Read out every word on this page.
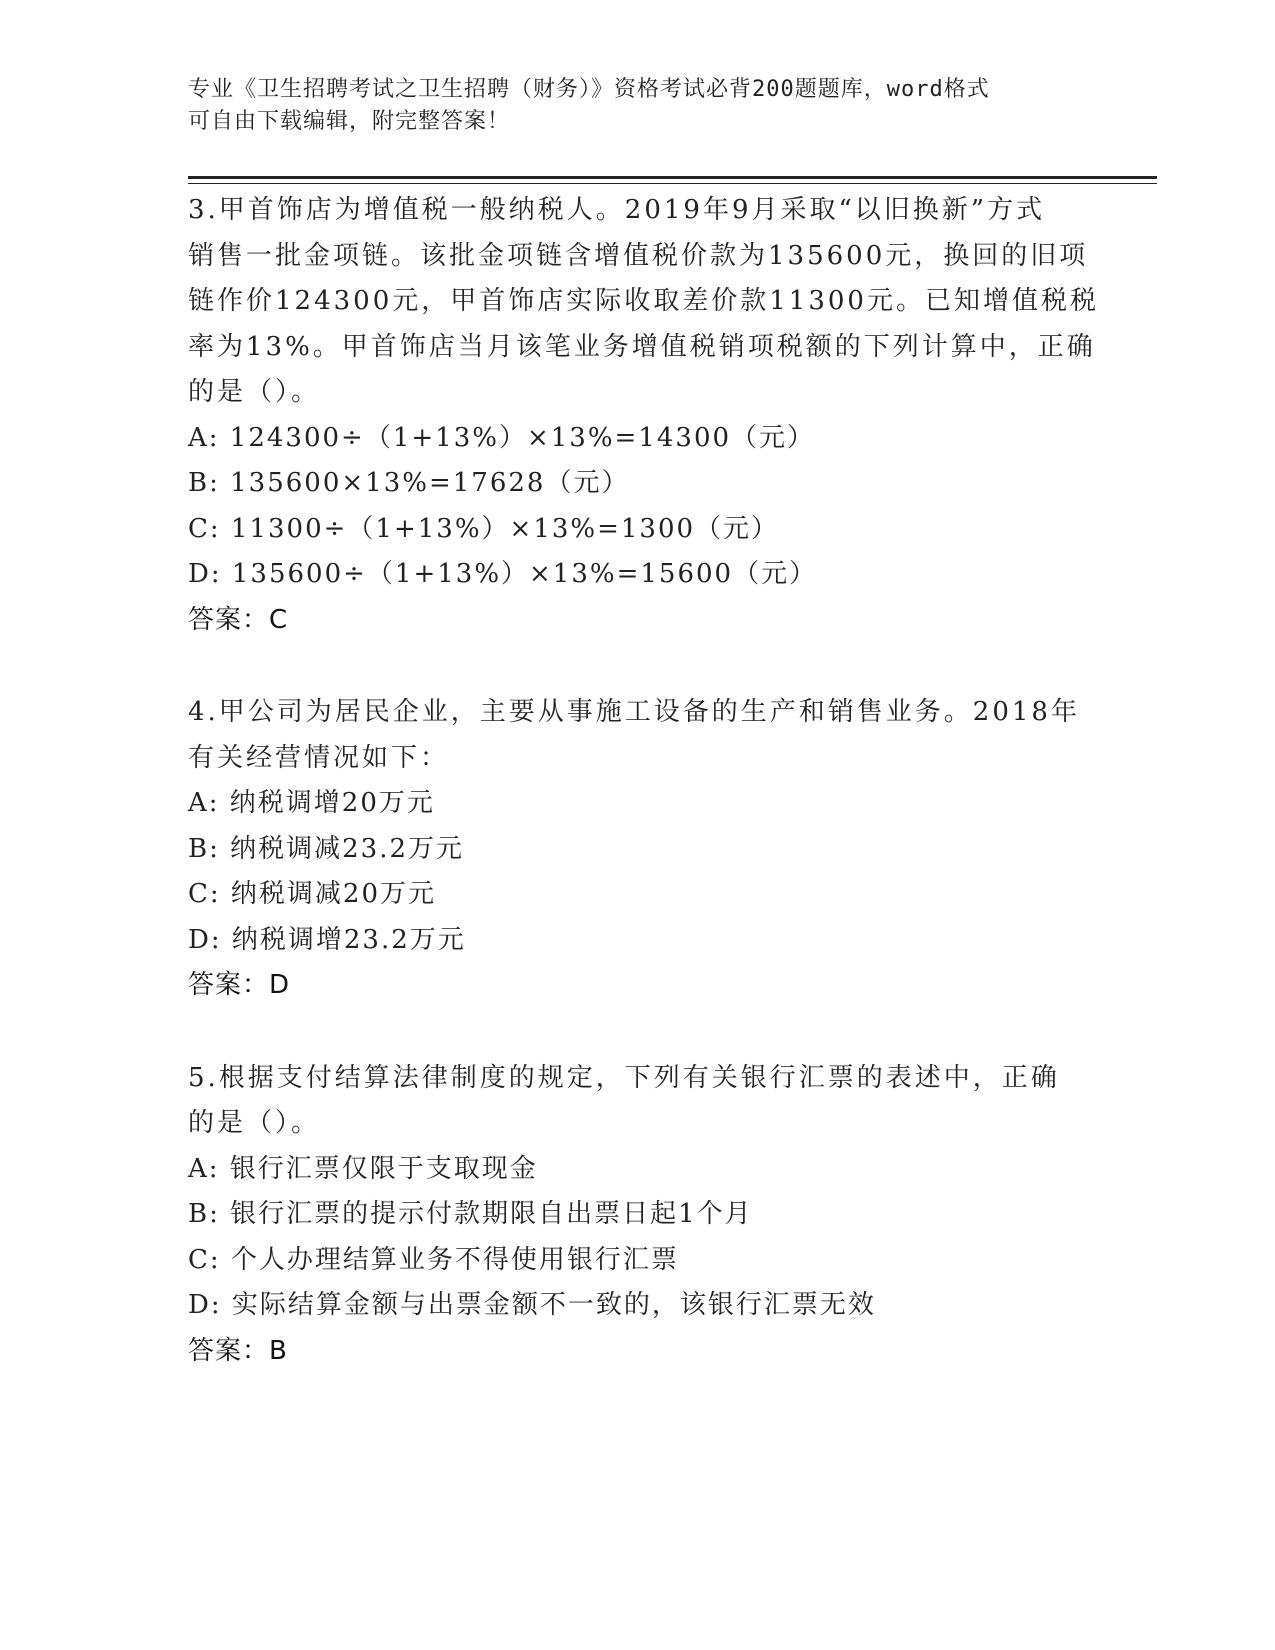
专业《卫生招聘考试之卫生招聘（财务）》资格考试必背200题题库，word格式
可自由下载编辑，附完整答案！
3.甲首饰店为增值税一般纳税人。2019年9月采取“以旧换新”方式
销售一批金项链。该批金项链含增值税价款为135600元，换回的旧项
链作价124300元，甲首饰店实际收取差价款11300元。已知增值税税
率为13%。甲首饰店当月该笔业务增值税销项税额的下列计算中，正确
的是（）。
A: 124300÷（1+13%）×13%=14300（元）
B: 135600×13%=17628（元）
C: 11300÷（1+13%）×13%=1300（元）
D: 135600÷（1+13%）×13%=15600（元）
答案：C
4.甲公司为居民企业，主要从事施工设备的生产和销售业务。2018年
有关经营情况如下：
A: 纳税调增20万元
B: 纳税调减23.2万元
C: 纳税调减20万元
D: 纳税调增23.2万元
答案：D
5.根据支付结算法律制度的规定，下列有关银行汇票的表述中，正确
的是（）。
A: 银行汇票仅限于支取现金
B: 银行汇票的提示付款期限自出票日起1个月
C: 个人办理结算业务不得使用银行汇票
D: 实际结算金额与出票金额不一致的，该银行汇票无效
答案：B
